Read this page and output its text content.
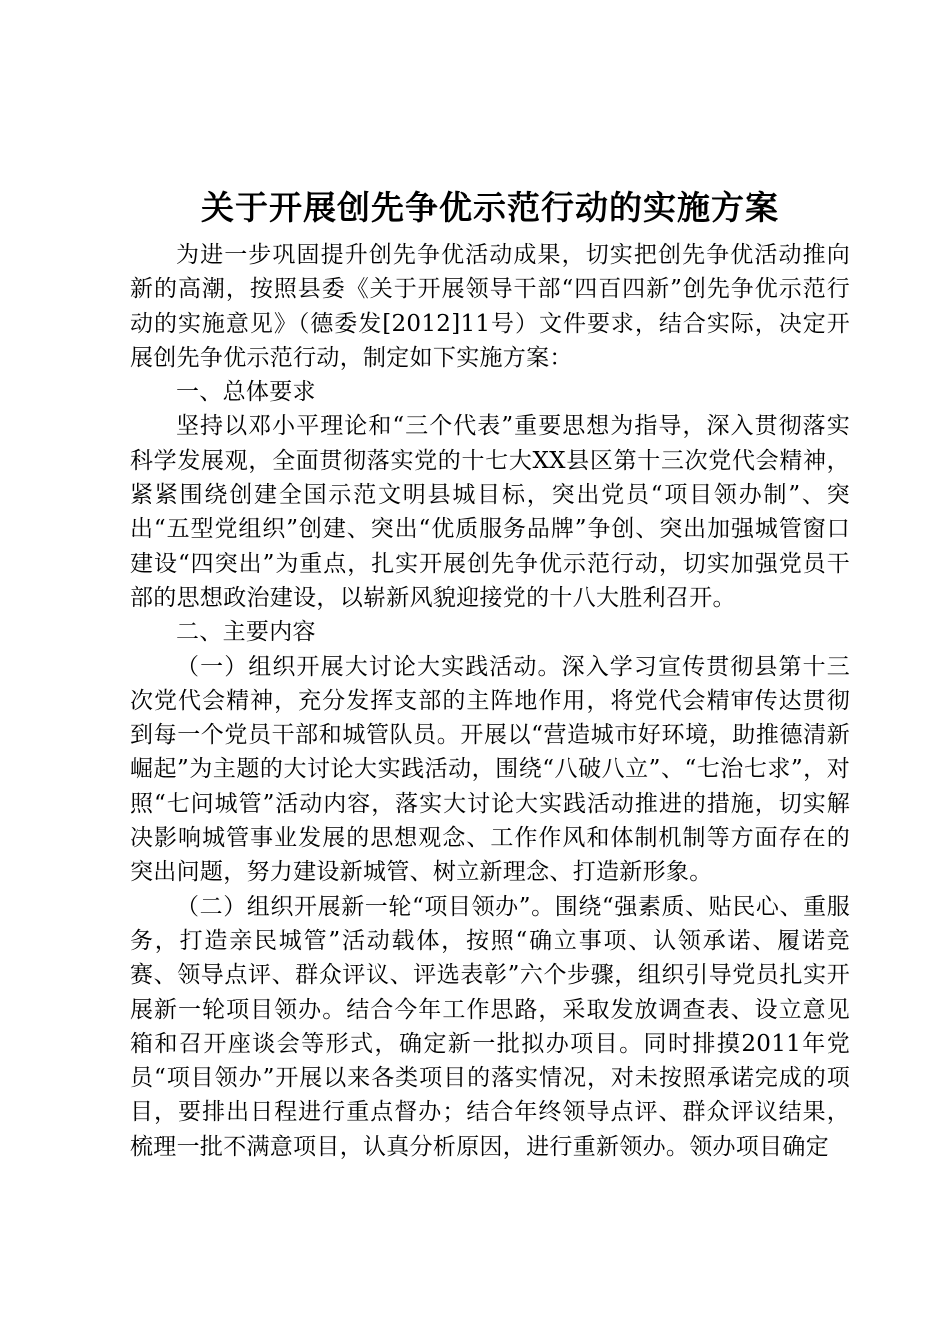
关于开展创先争优示范行动的实施方案

为进一步巩固提升创先争优活动成果，切实把创先争优活动推向新的高潮，按照县委《关于开展领导干部“四百四新”创先争优示范行动的实施意见》（德委发[2012]11号）文件要求，结合实际，决定开展创先争优示范行动，制定如下实施方案：

一、总体要求

坚持以邓小平理论和“三个代表”重要思想为指导，深入贯彻落实科学发展观，全面贯彻落实党的十七大XX县区第十三次党代会精神，紧紧围绕创建全国示范文明县城目标，突出党员“项目领办制”、突出“五型党组织”创建、突出“优质服务品牌”争创、突出加强城管窗口建设“四突出”为重点，扎实开展创先争优示范行动，切实加强党员干部的思想政治建设，以崭新风貌迎接党的十八大胜利召开。

二、主要内容

（一）组织开展大讨论大实践活动。深入学习宣传贯彻县第十三次党代会精神，充分发挥支部的主阵地作用，将党代会精审传达贯彻到每一个党员干部和城管队员。开展以“营造城市好环境，助推德清新崛起”为主题的大讨论大实践活动，围绕“八破八立”、“七治七求”，对照“七问城管”活动内容，落实大讨论大实践活动推进的措施，切实解决影响城管事业发展的思想观念、工作作风和体制机制等方面存在的突出问题，努力建设新城管、树立新理念、打造新形象。

（二）组织开展新一轮“项目领办”。围绕“强素质、贴民心、重服务，打造亲民城管”活动载体，按照“确立事项、认领承诺、履诺竞赛、领导点评、群众评议、评选表彰”六个步骤，组织引导党员扎实开展新一轮项目领办。结合今年工作思路，采取发放调查表、设立意见箱和召开座谈会等形式，确定新一批拟办项目。同时排摸2011年党员“项目领办”开展以来各类项目的落实情况，对未按照承诺完成的项目，要排出日程进行重点督办；结合年终领导点评、群众评议结果，梳理一批不满意项目，认真分析原因，进行重新领办。领办项目确定
